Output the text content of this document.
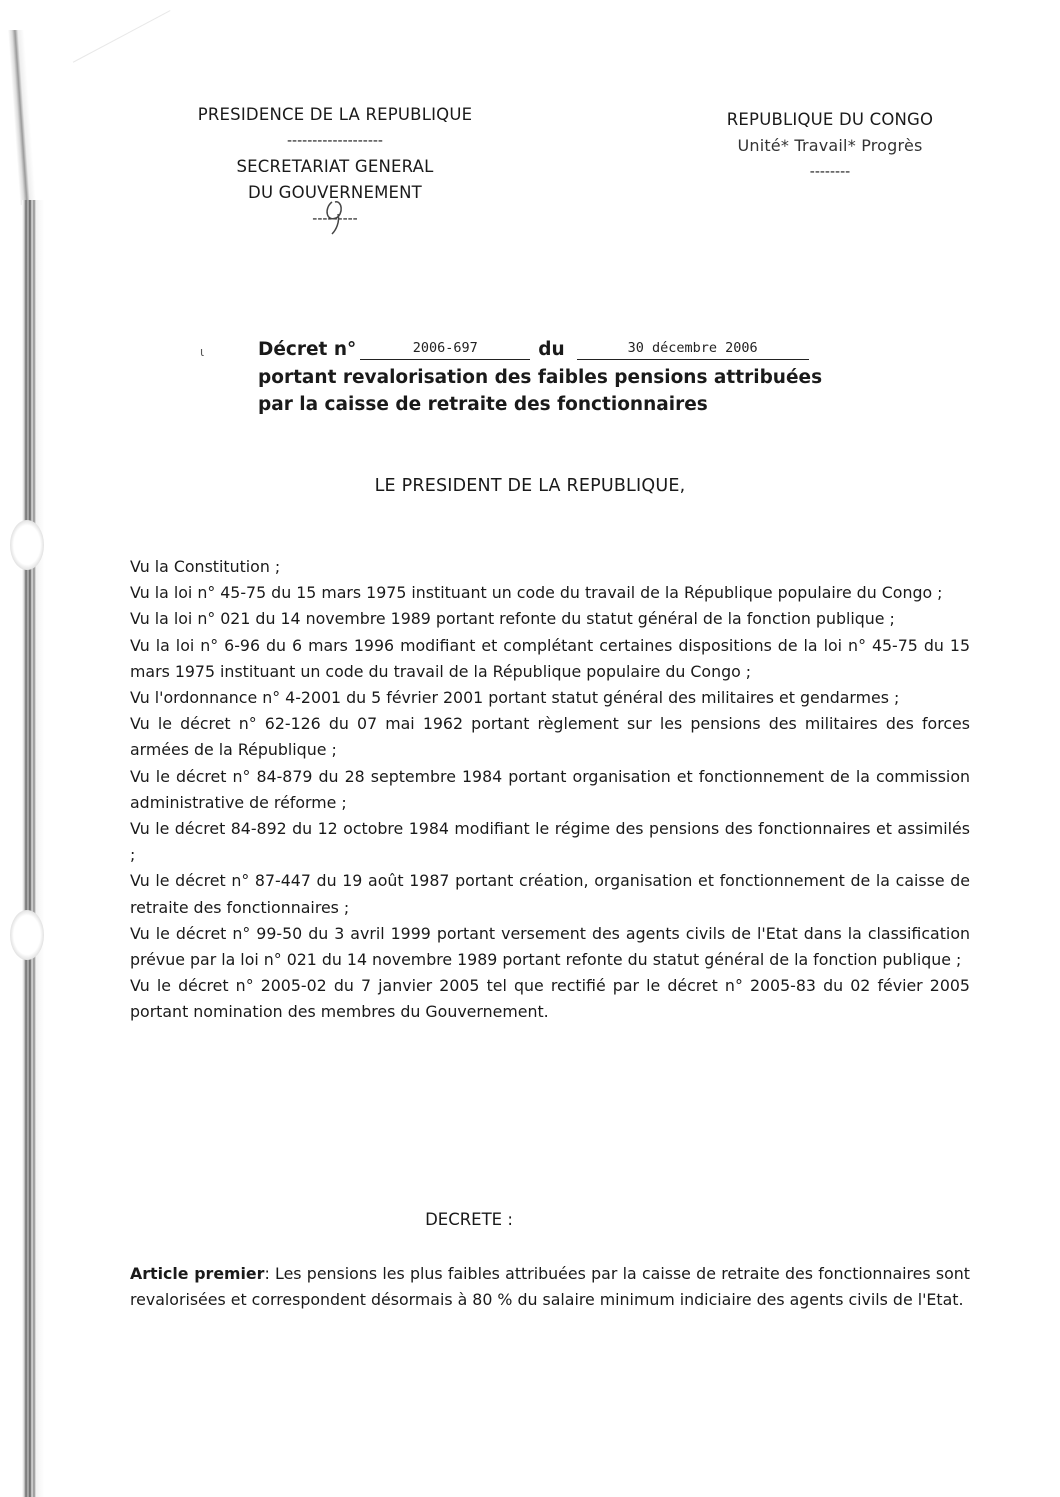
PRESIDENCE DE LA REPUBLIQUE
-------------------
SECRETARIAT GENERAL
DU GOUVERNEMENT
---------
REPUBLIQUE DU CONGO
Unité* Travail* Progrès
--------
ι	Décret n°	2006-697	du	30 décembre 2006
portant revalorisation des faibles pensions attribuées
par la caisse de retraite des fonctionnaires
LE PRESIDENT DE LA REPUBLIQUE,
Vu la Constitution ;
Vu la loi n° 45-75 du 15 mars 1975 instituant un code du travail de la République populaire du Congo ;
Vu la loi n° 021 du 14 novembre 1989 portant refonte du statut général de la fonction publique ;
Vu la loi n° 6-96 du 6 mars 1996 modifiant et complétant certaines dispositions de la loi n° 45-75 du 15 mars 1975 instituant un code du travail de la République populaire du Congo ;
Vu l'ordonnance n° 4-2001 du 5 février 2001 portant statut général des militaires et gendarmes ;
Vu le décret n° 62-126 du 07 mai 1962 portant règlement sur les pensions des militaires des forces armées de la République ;
Vu le décret n° 84-879 du 28 septembre 1984 portant organisation et fonctionnement de la commission administrative de réforme ;
Vu le décret 84-892 du 12 octobre 1984 modifiant le régime des pensions des fonctionnaires et assimilés ;
Vu le décret n° 87-447 du 19 août 1987 portant création, organisation et fonctionnement de la caisse de retraite des fonctionnaires ;
Vu le décret n° 99-50 du 3 avril 1999 portant versement des agents civils de l'Etat dans la classification prévue par la loi n° 021 du 14 novembre 1989 portant refonte du statut général de la fonction publique ;
Vu le décret n° 2005-02 du 7 janvier 2005 tel que rectifié par le décret n° 2005-83 du 02 févier 2005 portant nomination des membres du Gouvernement.
DECRETE :
Article premier: Les pensions les plus faibles attribuées par la caisse de retraite des fonctionnaires sont revalorisées et correspondent désormais à 80 % du salaire minimum indiciaire des agents civils de l'Etat.
